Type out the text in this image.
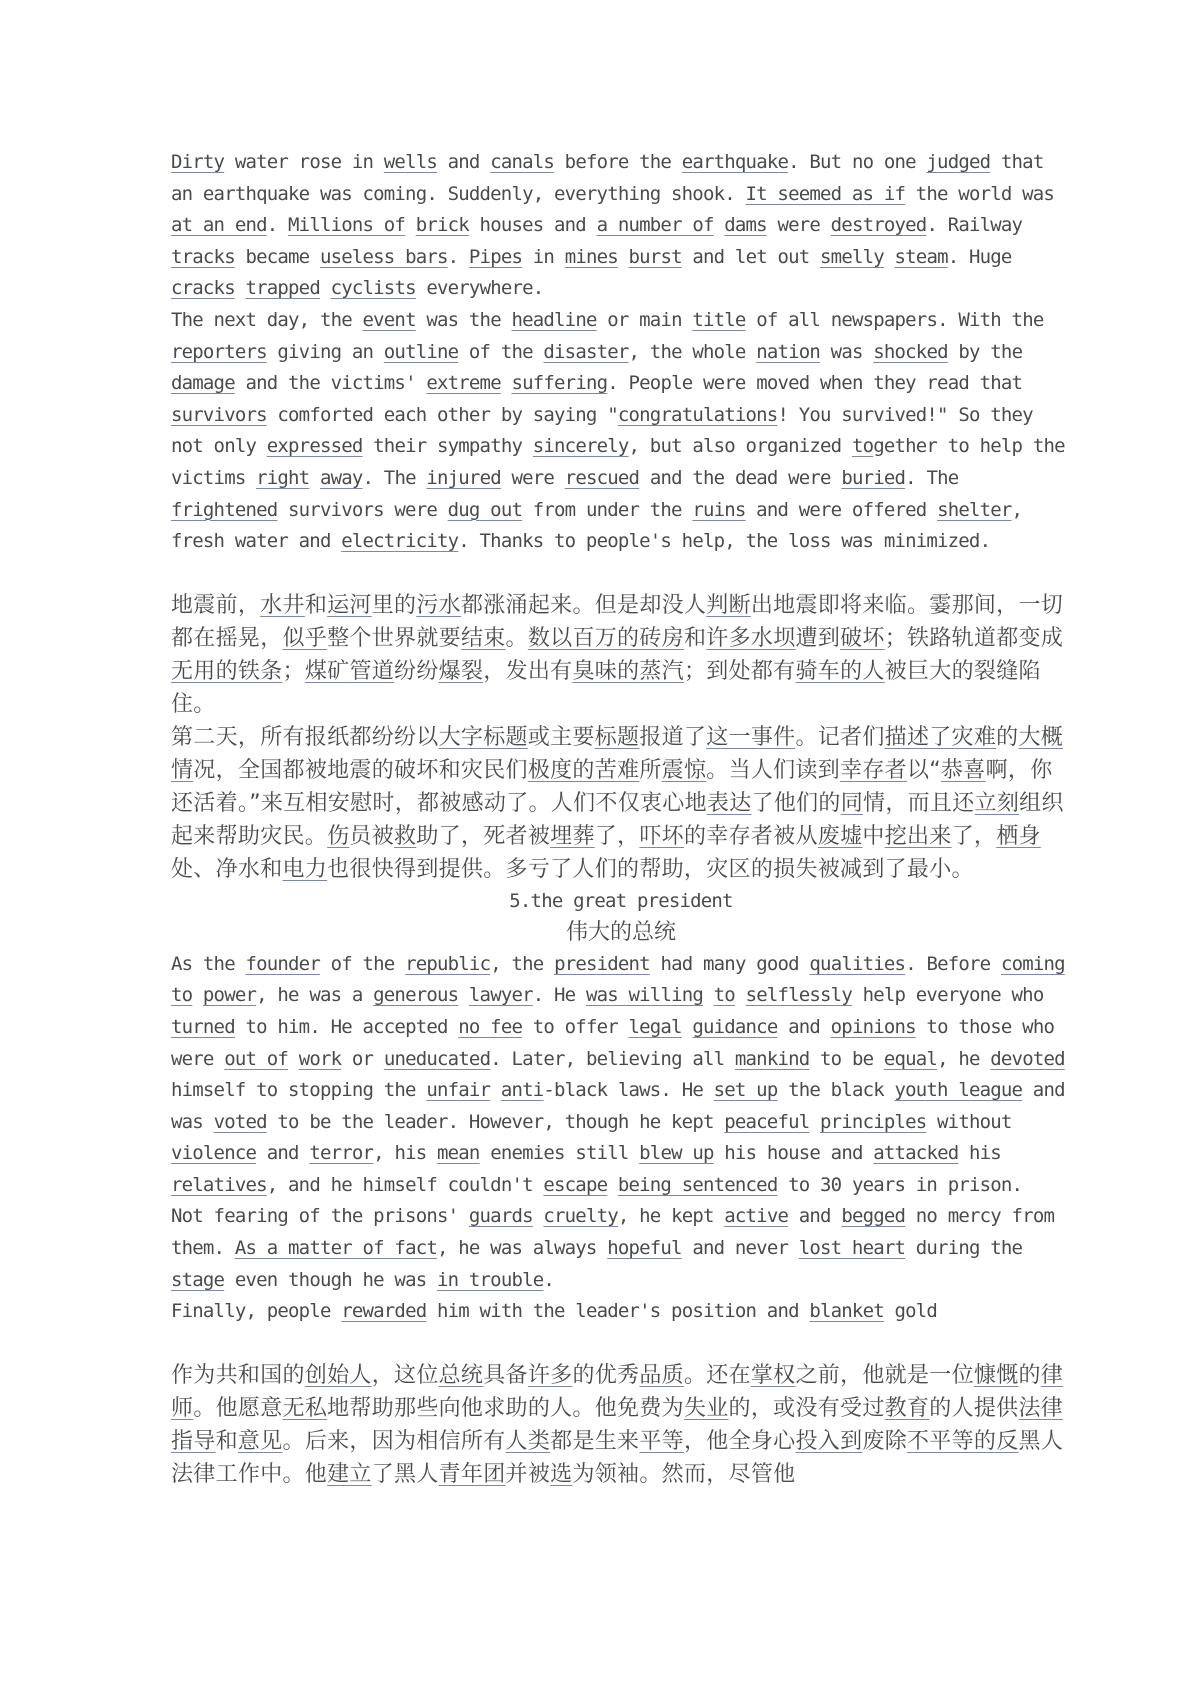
Dirty water rose in wells and canals before the earthquake. But no one judged that an earthquake was coming. Suddenly, everything shook. It seemed as if the world was at an end. Millions of brick houses and a number of dams were destroyed. Railway tracks became useless bars. Pipes in mines burst and let out smelly steam. Huge cracks trapped cyclists everywhere.

The next day, the event was the headline or main title of all newspapers. With the reporters giving an outline of the disaster, the whole nation was shocked by the damage and the victims' extreme suffering. People were moved when they read that survivors comforted each other by saying "congratulations! You survived!" So they not only expressed their sympathy sincerely, but also organized together to help the victims right away. The injured were rescued and the dead were buried. The frightened survivors were dug out from under the ruins and were offered shelter, fresh water and electricity. Thanks to people's help, the loss was minimized.

地震前，水井和运河里的污水都涨涌起来。但是却没人判断出地震即将来临。霎那间，一切都在摇晃，似乎整个世界就要结束。数以百万的砖房和许多水坝遭到破坏；铁路轨道都变成无用的铁条；煤矿管道纷纷爆裂，发出有臭味的蒸汽；到处都有骑车的人被巨大的裂缝陷住。
第二天，所有报纸都纷纷以大字标题或主要标题报道了这一事件。记者们描述了灾难的大概情况，全国都被地震的破坏和灾民们极度的苦难所震惊。当人们读到幸存者以“恭喜啊，你还活着。”来互相安慰时，都被感动了。人们不仅衷心地表达了他们的同情，而且还立刻组织起来帮助灾民。伤员被救助了，死者被埋葬了，吓坏的幸存者被从废墟中挖出来了，栖身处、净水和电力也很快得到提供。多亏了人们的帮助，灾区的损失被减到了最小。

5.the great president

伟大的总统

As the founder of the republic, the president had many good qualities. Before coming to power, he was a generous lawyer. He was willing to selflessly help everyone who turned to him. He accepted no fee to offer legal guidance and opinions to those who were out of work or uneducated. Later, believing all mankind to be equal, he devoted himself to stopping the unfair anti-black laws. He set up the black youth league and was voted to be the leader. However, though he kept peaceful principles without violence and terror, his mean enemies still blew up his house and attacked his relatives, and he himself couldn't escape being sentenced to 30 years in prison.

Not fearing of the prisons' guards cruelty, he kept active and begged no mercy from them. As a matter of fact, he was always hopeful and never lost heart during the stage even though he was in trouble.

Finally, people rewarded him with the leader's position and blanket gold

作为共和国的创始人，这位总统具备许多的优秀品质。还在掌权之前，他就是一位慷慨的律师。他愿意无私地帮助那些向他求助的人。他免费为失业的，或没有受过教育的人提供法律指导和意见。后来，因为相信所有人类都是生来平等，他全身心投入到废除不平等的反黑人法律工作中。他建立了黑人青年团并被选为领袖。然而，尽管他
